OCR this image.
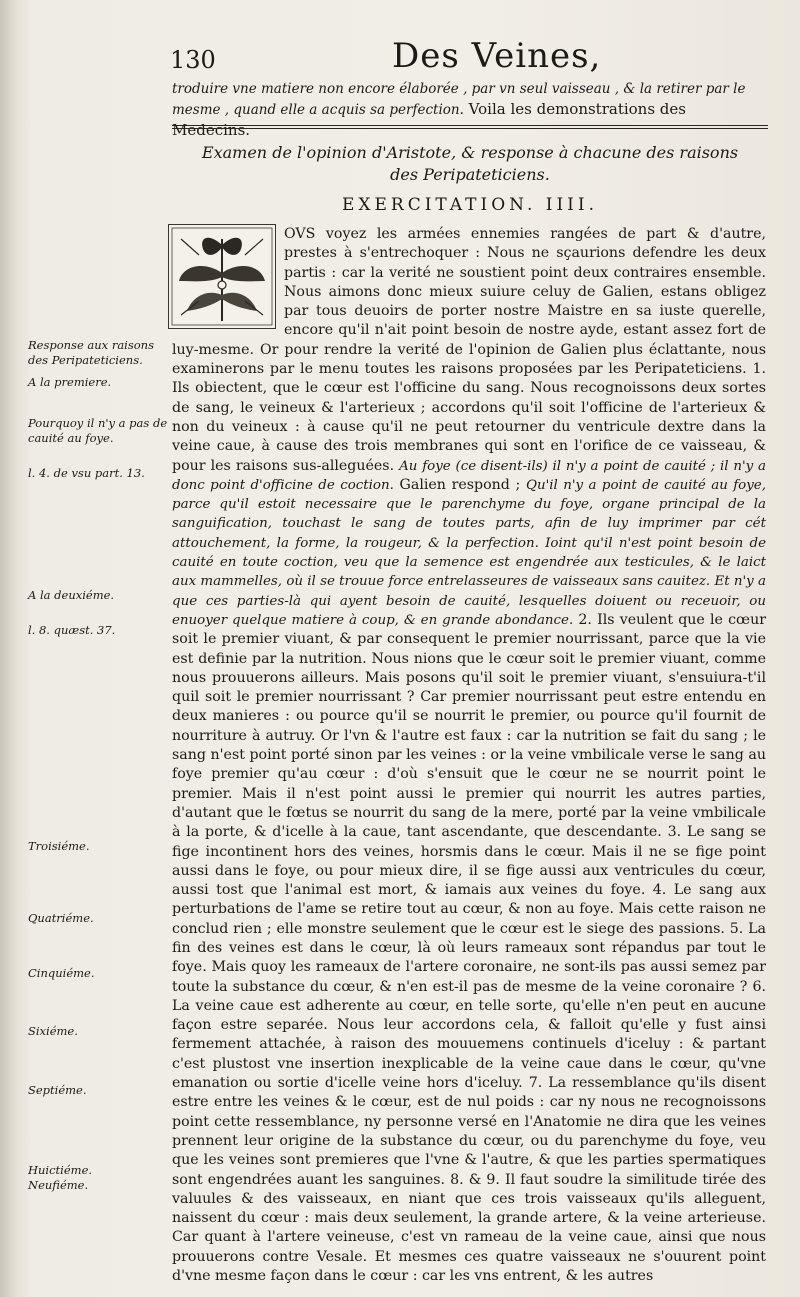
130	Des Veines,
troduire vne matiere non encore élaborée , par vn seul vaisseau , & la retirer par le mesme , quand elle a acquis sa perfection. Voila les demonstrations des Medecins.
Examen de l'opinion d'Aristote, & response à chacune des raisons des Peripateticiens.
EXERCITATION. IIII.
OVS voyez les armées ennemies rangées de part & d'autre, prestes à s'entrechoquer : Nous ne sçaurions defendre les deux partis : car la verité ne soustient point deux contraires ensemble. Nous aimons donc mieux suiure celuy de Galien, estans obligez par tous deuoirs de porter nostre Maistre en sa iuste querelle, encore qu'il n'ait point besoin de nostre ayde, estant assez fort de luy-mesme. Or pour rendre la verité de l'opinion de Galien plus éclattante, nous examinerons par le menu toutes les raisons proposées par les Peripateticiens. 1. Ils obiectent, que le cœur est l'officine du sang. Nous recognoissons deux sortes de sang, le veineux & l'arterieux ; accordons qu'il soit l'officine de l'arterieux & non du veineux : à cause qu'il ne peut retourner du ventricule dextre dans la veine caue, à cause des trois membranes qui sont en l'orifice de ce vaisseau, & pour les raisons sus-alleguées. Au foye (ce disent-ils) il n'y a point de cauité ; il n'y a donc point d'officine de coction. Galien respond ; Qu'il n'y a point de cauité au foye, parce qu'il estoit necessaire que le parenchyme du foye, organe principal de la sanguification, touchast le sang de toutes parts, afin de luy imprimer par cét attouchement, la forme, la rougeur, & la perfection. Ioint qu'il n'est point besoin de cauité en toute coction, veu que la semence est engendrée aux testicules, & le laict aux mammelles, où il se trouue force entrelasseures de vaisseaux sans cauitez. Et n'y a que ces parties-là qui ayent besoin de cauité, lesquelles doiuent ou receuoir, ou enuoyer quelque matiere à coup, & en grande abondance. 2. Ils veulent que le cœur soit le premier viuant, & par consequent le premier nourrissant, parce que la vie est definie par la nutrition. Nous nions que le cœur soit le premier viuant, comme nous prouuerons ailleurs. Mais posons qu'il soit le premier viuant, s'ensuiura-t'il quil soit le premier nourrissant ? Car premier nourrissant peut estre entendu en deux manieres : ou pource qu'il se nourrit le premier, ou pource qu'il fournit de nourriture à autruy. Or l'vn & l'autre est faux : car la nutrition se fait du sang ; le sang n'est point porté sinon par les veines : or la veine vmbilicale verse le sang au foye premier qu'au cœur : d'où s'ensuit que le cœur ne se nourrit point le premier. Mais il n'est point aussi le premier qui nourrit les autres parties, d'autant que le fœtus se nourrit du sang de la mere, porté par la veine vmbilicale à la porte, & d'icelle à la caue, tant ascendante, que descendante. 3. Le sang se fige incontinent hors des veines, horsmis dans le cœur. Mais il ne se fige point aussi dans le foye, ou pour mieux dire, il se fige aussi aux ventricules du cœur, aussi tost que l'animal est mort, & iamais aux veines du foye. 4. Le sang aux perturbations de l'ame se retire tout au cœur, & non au foye. Mais cette raison ne conclud rien ; elle monstre seulement que le cœur est le siege des passions. 5. La fin des veines est dans le cœur, là où leurs rameaux sont répandus par tout le foye. Mais quoy les rameaux de l'artere coronaire, ne sont-ils pas aussi semez par toute la substance du cœur, & n'en est-il pas de mesme de la veine coronaire ? 6. La veine caue est adherente au cœur, en telle sorte, qu'elle n'en peut en aucune façon estre separée. Nous leur accordons cela, & falloit qu'elle y fust ainsi fermement attachée, à raison des mouuemens continuels d'iceluy : & partant c'est plustost vne insertion inexplicable de la veine caue dans le cœur, qu'vne emanation ou sortie d'icelle veine hors d'iceluy. 7. La ressemblance qu'ils disent estre entre les veines & le cœur, est de nul poids : car ny nous ne recognoissons point cette ressemblance, ny personne versé en l'Anatomie ne dira que les veines prennent leur origine de la substance du cœur, ou du parenchyme du foye, veu que les veines sont premieres que l'vne & l'autre, & que les parties spermatiques sont engendrées auant les sanguines. 8. & 9. Il faut soudre la similitude tirée des valuules & des vaisseaux, en niant que ces trois vaisseaux qu'ils alleguent, naissent du cœur : mais deux seulement, la grande artere, & la veine arterieuse. Car quant à l'artere veineuse, c'est vn rameau de la veine caue, ainsi que nous prouuerons contre Vesale. Et mesmes ces quatre vaisseaux ne s'ouurent point d'vne mesme façon dans le cœur : car les vns entrent, & les autres
Response aux raisons des Peripateticiens.
A la premiere.
Pourquoy il n'y a pas de cauité au foye.
l. 4. de vsu part. 13.
A la deuxiéme.
l. 8. quæst. 37.
Troisiéme.
Quatriéme.
Cinquiéme.
Sixiéme.
Septiéme.
Huictiéme.
Neufiéme.
